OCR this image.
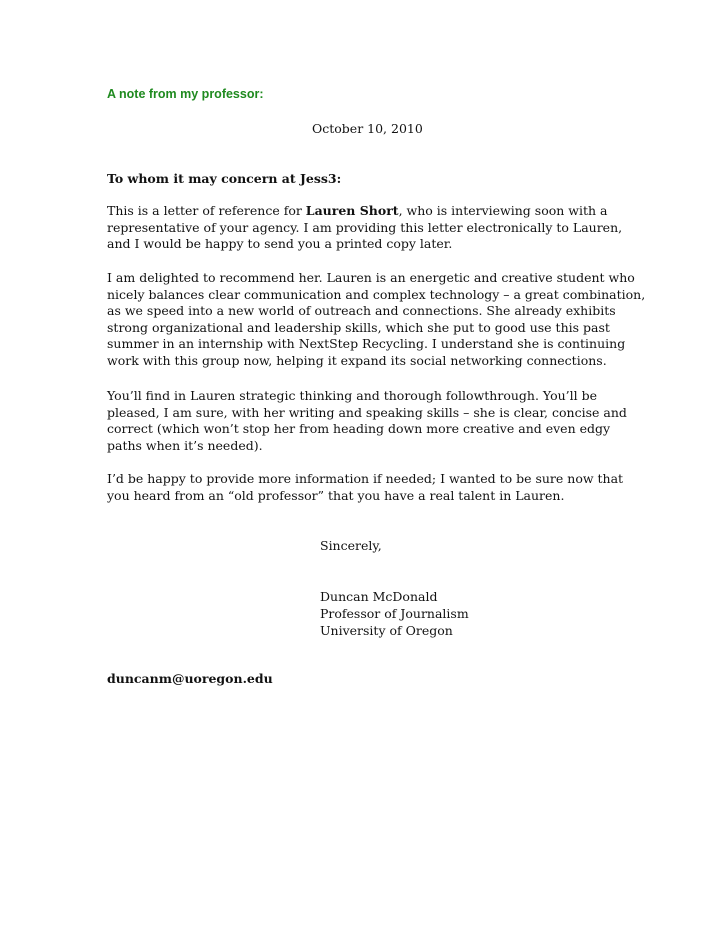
A note from my professor:
October 10, 2010
To whom it may concern at Jess3:
This is a letter of reference for Lauren Short, who is interviewing soon with a
representative of your agency. I am providing this letter electronically to Lauren,
and I would be happy to send you a printed copy later.
I am delighted to recommend her. Lauren is an energetic and creative student who
nicely balances clear communication and complex technology – a great combination,
as we speed into a new world of outreach and connections. She already exhibits
strong organizational and leadership skills, which she put to good use this past
summer in an internship with NextStep Recycling. I understand she is continuing
work with this group now, helping it expand its social networking connections.
You’ll find in Lauren strategic thinking and thorough followthrough. You’ll be
pleased, I am sure, with her writing and speaking skills – she is clear, concise and
correct (which won’t stop her from heading down more creative and even edgy
paths when it’s needed).
I’d be happy to provide more information if needed; I wanted to be sure now that
you heard from an “old professor” that you have a real talent in Lauren.
Sincerely,
Duncan McDonald
Professor of Journalism
University of Oregon
duncanm@uoregon.edu
